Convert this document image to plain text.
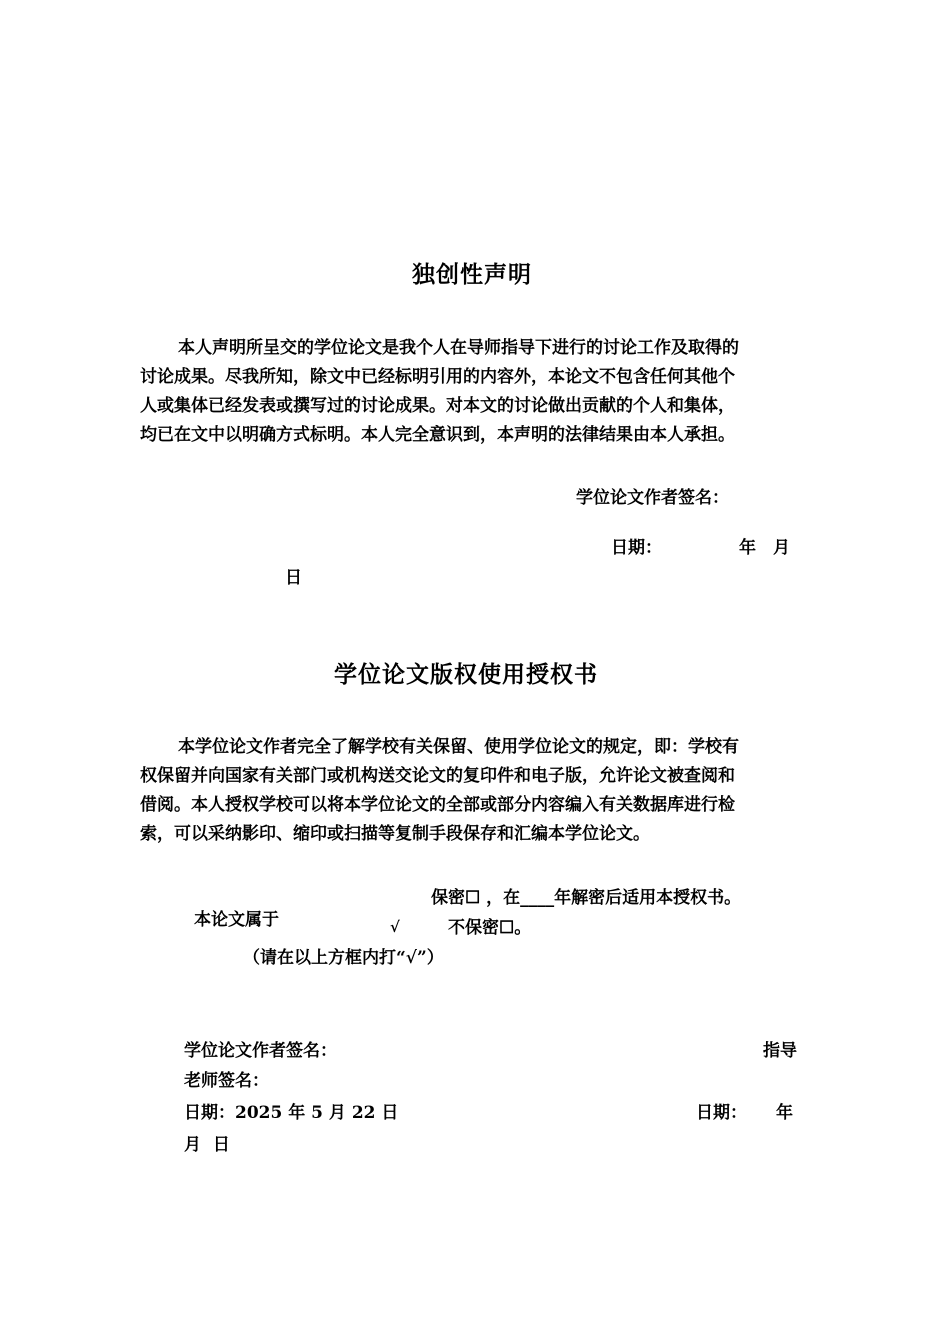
独创性声明
本人声明所呈交的学位论文是我个人在导师指导下进行的讨论工作及取得的
讨论成果。尽我所知，除文中已经标明引用的内容外，本论文不包含任何其他个
人或集体已经发表或撰写过的讨论成果。对本文的讨论做出贡献的个人和集体，
均已在文中以明确方式标明。本人完全意识到，本声明的法律结果由本人承担。
学位论文作者签名：
日期：	年 月
日
学位论文版权使用授权书
本学位论文作者完全了解学校有关保留、使用学位论文的规定，即：学校有
权保留并向国家有关部门或机构送交论文的复印件和电子版，允许论文被查阅和
借阅。本人授权学校可以将本学位论文的全部或部分内容编入有关数据库进行检
索，可以采纳影印、缩印或扫描等复制手段保存和汇编本学位论文。
保密☐ ，在____年解密后适用本授权书。
本论文属于	√	不保密☐。
（请在以上方框内打“√”）
学位论文作者签名：	指导
老师签名：
日期：2025 年 5 月 22 日	日期： 年
月  日
